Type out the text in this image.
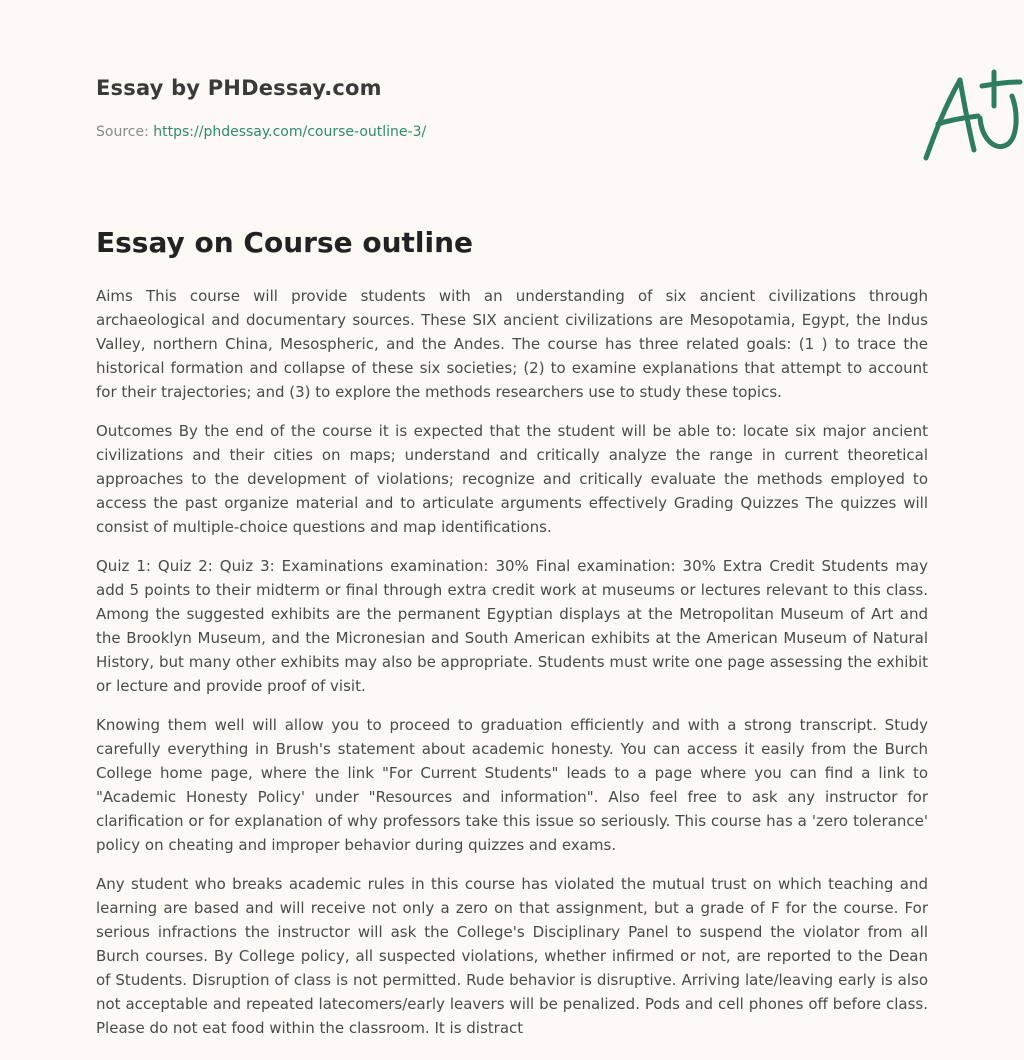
Essay by PHDessay.com
Source: https://phdessay.com/course-outline-3/
Essay on Course outline

Aims This course will provide students with an understanding of six ancient civilizations through archaeological and documentary sources. These SIX ancient civilizations are Mesopotamia, Egypt, the Indus Valley, northern China, Mesospheric, and the Andes. The course has three related goals: (1 ) to trace the historical formation and collapse of these six societies; (2) to examine explanations that attempt to account for their trajectories; and (3) to explore the methods researchers use to study these topics.

Outcomes By the end of the course it is expected that the student will be able to: locate six major ancient civilizations and their cities on maps; understand and critically analyze the range in current theoretical approaches to the development of violations; recognize and critically evaluate the methods employed to access the past organize material and to articulate arguments effectively Grading Quizzes The quizzes will consist of multiple-choice questions and map identifications.

Quiz 1: Quiz 2: Quiz 3: Examinations examination: 30% Final examination: 30% Extra Credit Students may add 5 points to their midterm or final through extra credit work at museums or lectures relevant to this class. Among the suggested exhibits are the permanent Egyptian displays at the Metropolitan Museum of Art and the Brooklyn Museum, and the Micronesian and South American exhibits at the American Museum of Natural History, but many other exhibits may also be appropriate. Students must write one page assessing the exhibit or lecture and provide proof of visit.

Knowing them well will allow you to proceed to graduation efficiently and with a strong transcript. Study carefully everything in Brush's statement about academic honesty. You can access it easily from the Burch College home page, where the link "For Current Students" leads to a page where you can find a link to "Academic Honesty Policy' under "Resources and information". Also feel free to ask any instructor for clarification or for explanation of why professors take this issue so seriously. This course has a 'zero tolerance' policy on cheating and improper behavior during quizzes and exams.

Any student who breaks academic rules in this course has violated the mutual trust on which teaching and learning are based and will receive not only a zero on that assignment, but a grade of F for the course. For serious infractions the instructor will ask the College's Disciplinary Panel to suspend the violator from all Burch courses. By College policy, all suspected violations, whether infirmed or not, are reported to the Dean of Students. Disruption of class is not permitted. Rude behavior is disruptive. Arriving late/leaving early is also not acceptable and repeated latecomers/early leavers will be penalized. Pods and cell phones off before class. Please do not eat food within the classroom. It is distract
